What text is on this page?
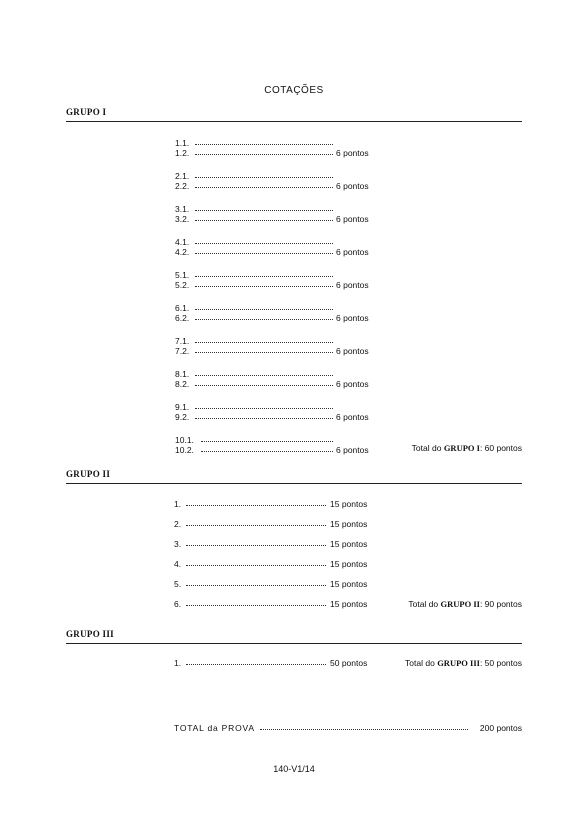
COTAÇÕES
GRUPO I
1.1.
1.2.	6 pontos
2.1.
2.2.	6 pontos
3.1.
3.2.	6 pontos
4.1.
4.2.	6 pontos
5.1.
5.2.	6 pontos
6.1.
6.2.	6 pontos
7.1.
7.2.	6 pontos
8.1.
8.2.	6 pontos
9.1.
9.2.	6 pontos
10.1.
10.2.	6 pontos	Total do GRUPO I: 60 pontos
GRUPO II
1.	15 pontos
2.	15 pontos
3.	15 pontos
4.	15 pontos
5.	15 pontos
6.	15 pontos	Total do GRUPO II: 90 pontos
GRUPO III
1.	50 pontos	Total do GRUPO III: 50 pontos
TOTAL da PROVA	200 pontos
140-V1/14
